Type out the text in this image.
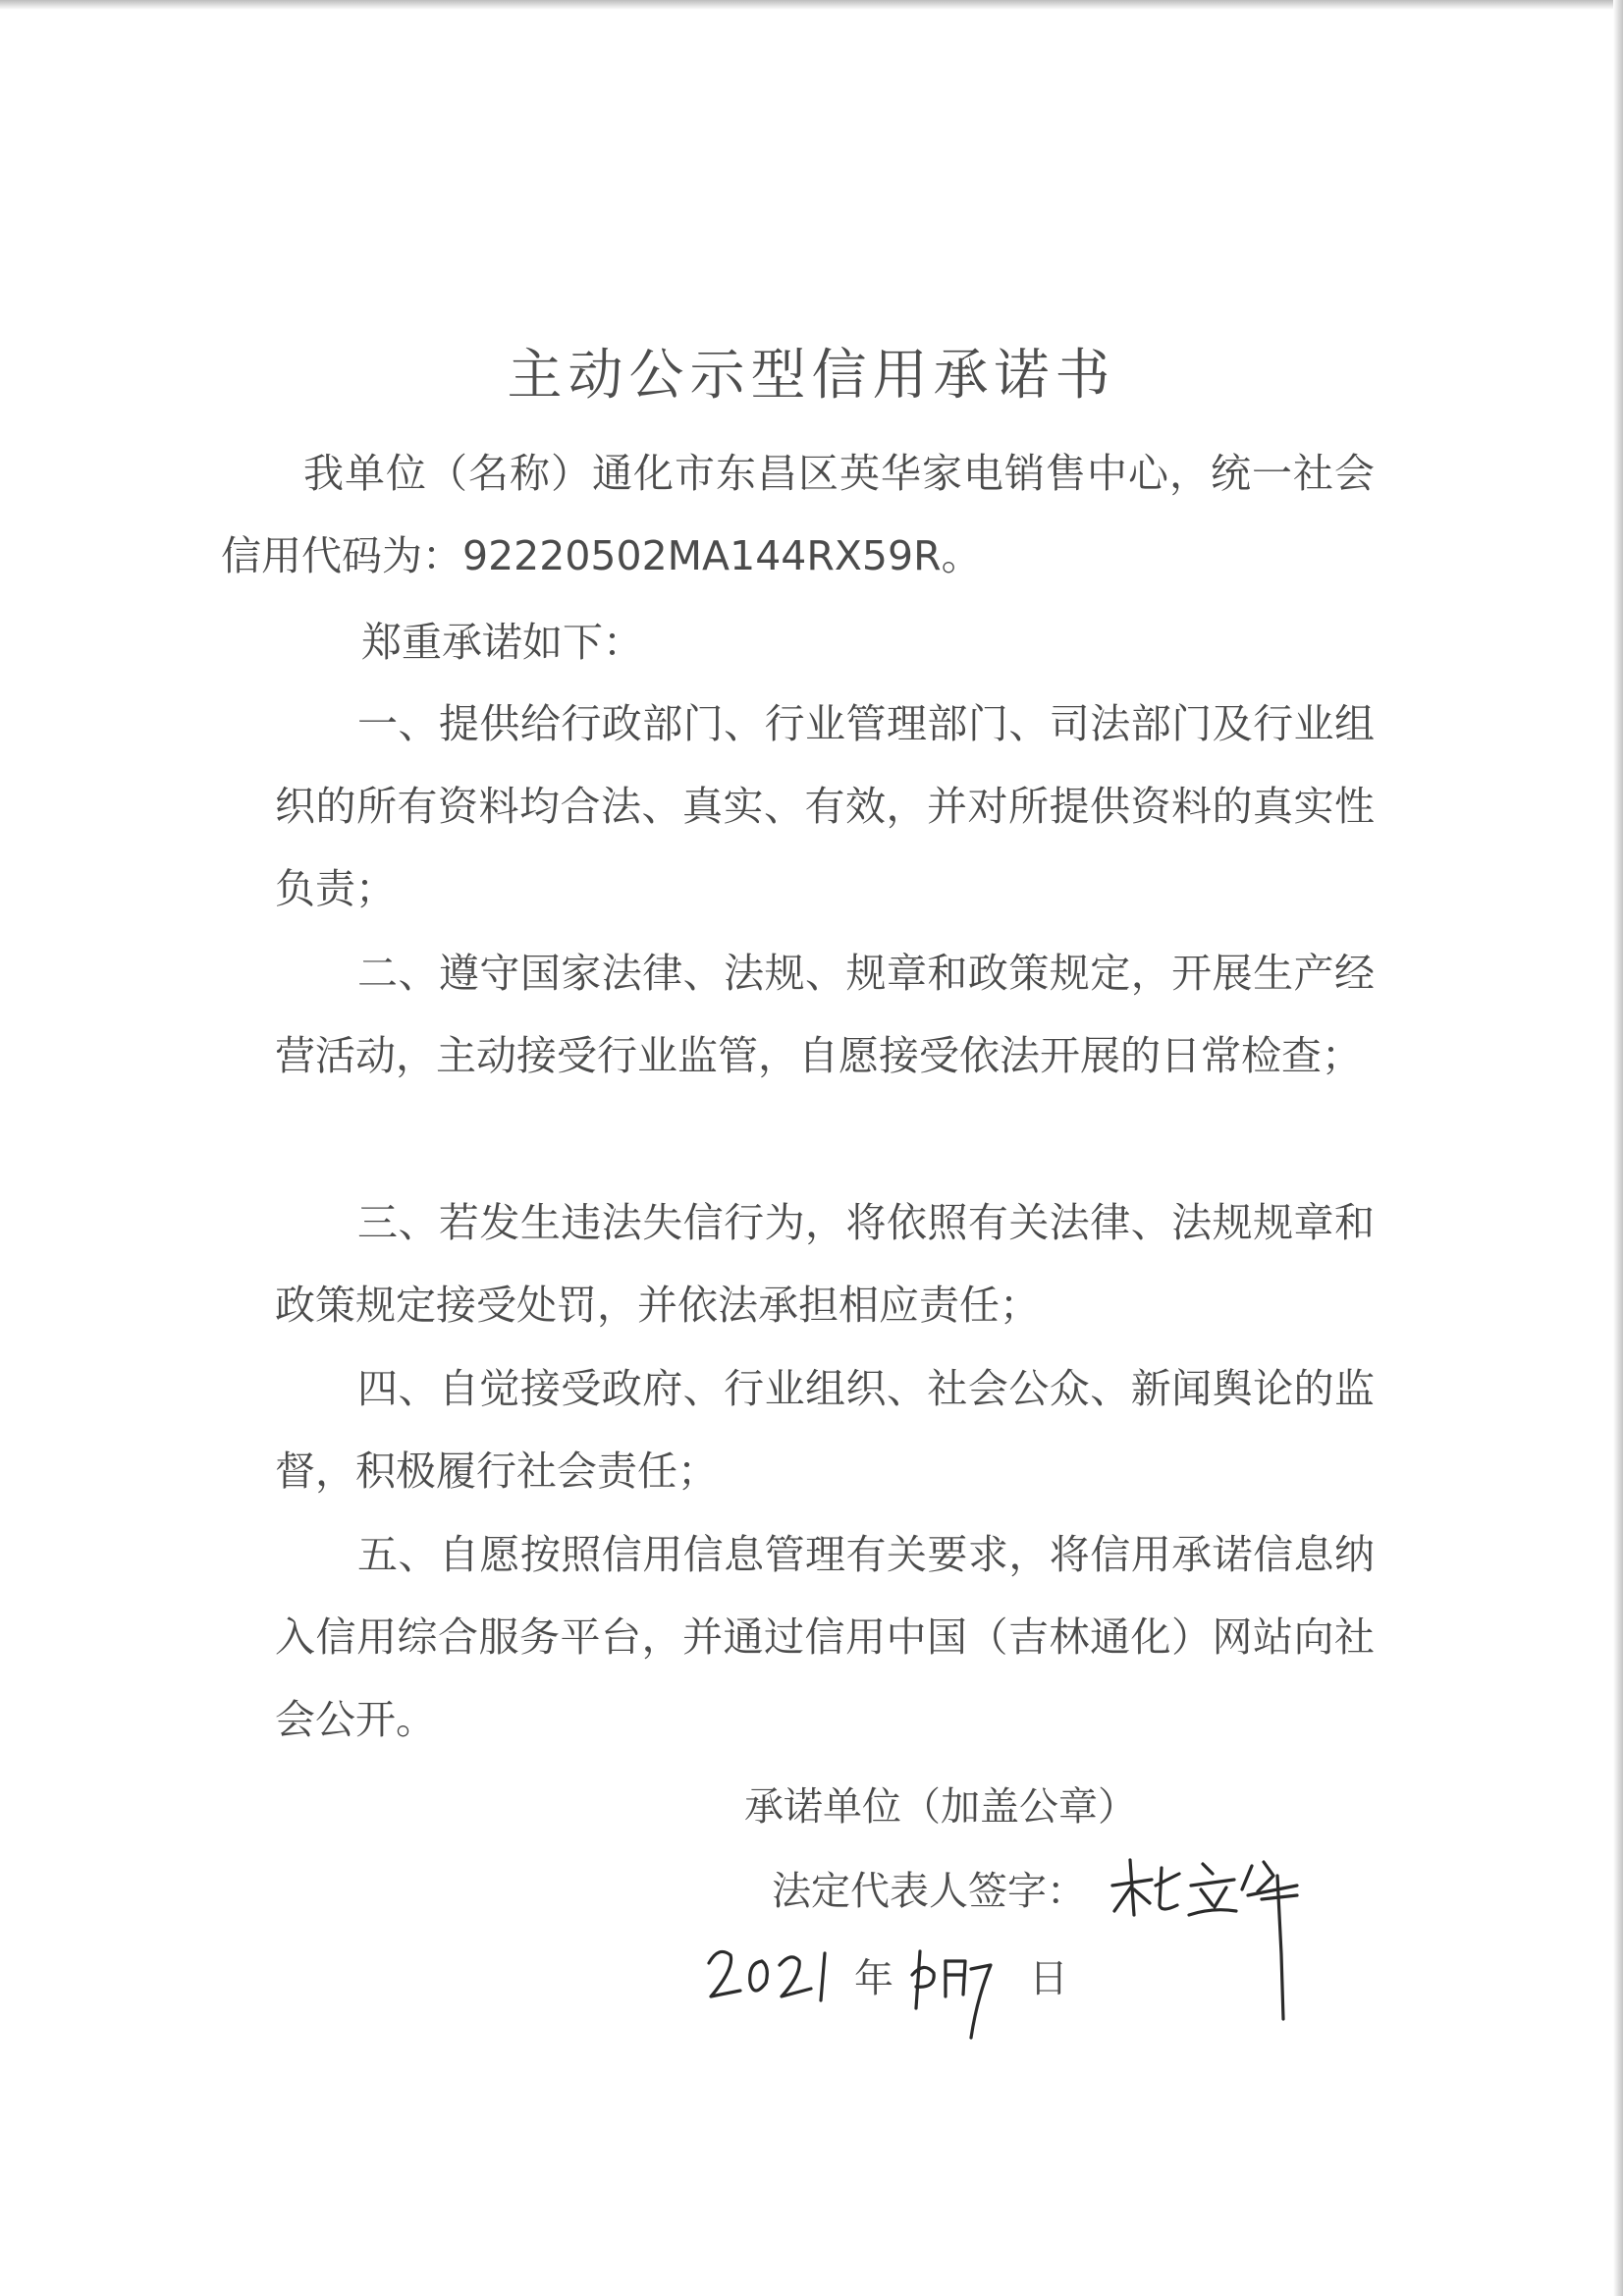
主动公示型信用承诺书

我单位（名称）通化市东昌区英华家电销售中心，统一社会信用代码为：92220502MA144RX59R。

郑重承诺如下：

一、提供给行政部门、行业管理部门、司法部门及行业组织的所有资料均合法、真实、有效，并对所提供资料的真实性负责；

二、遵守国家法律、法规、规章和政策规定，开展生产经营活动，主动接受行业监管，自愿接受依法开展的日常检查；

三、若发生违法失信行为，将依照有关法律、法规规章和政策规定接受处罚，并依法承担相应责任；

四、自觉接受政府、行业组织、社会公众、新闻舆论的监督，积极履行社会责任；

五、自愿按照信用信息管理有关要求，将信用承诺信息纳入信用综合服务平台，并通过信用中国（吉林通化）网站向社会公开。

承诺单位（加盖公章）

法定代表人签字：

年	日
